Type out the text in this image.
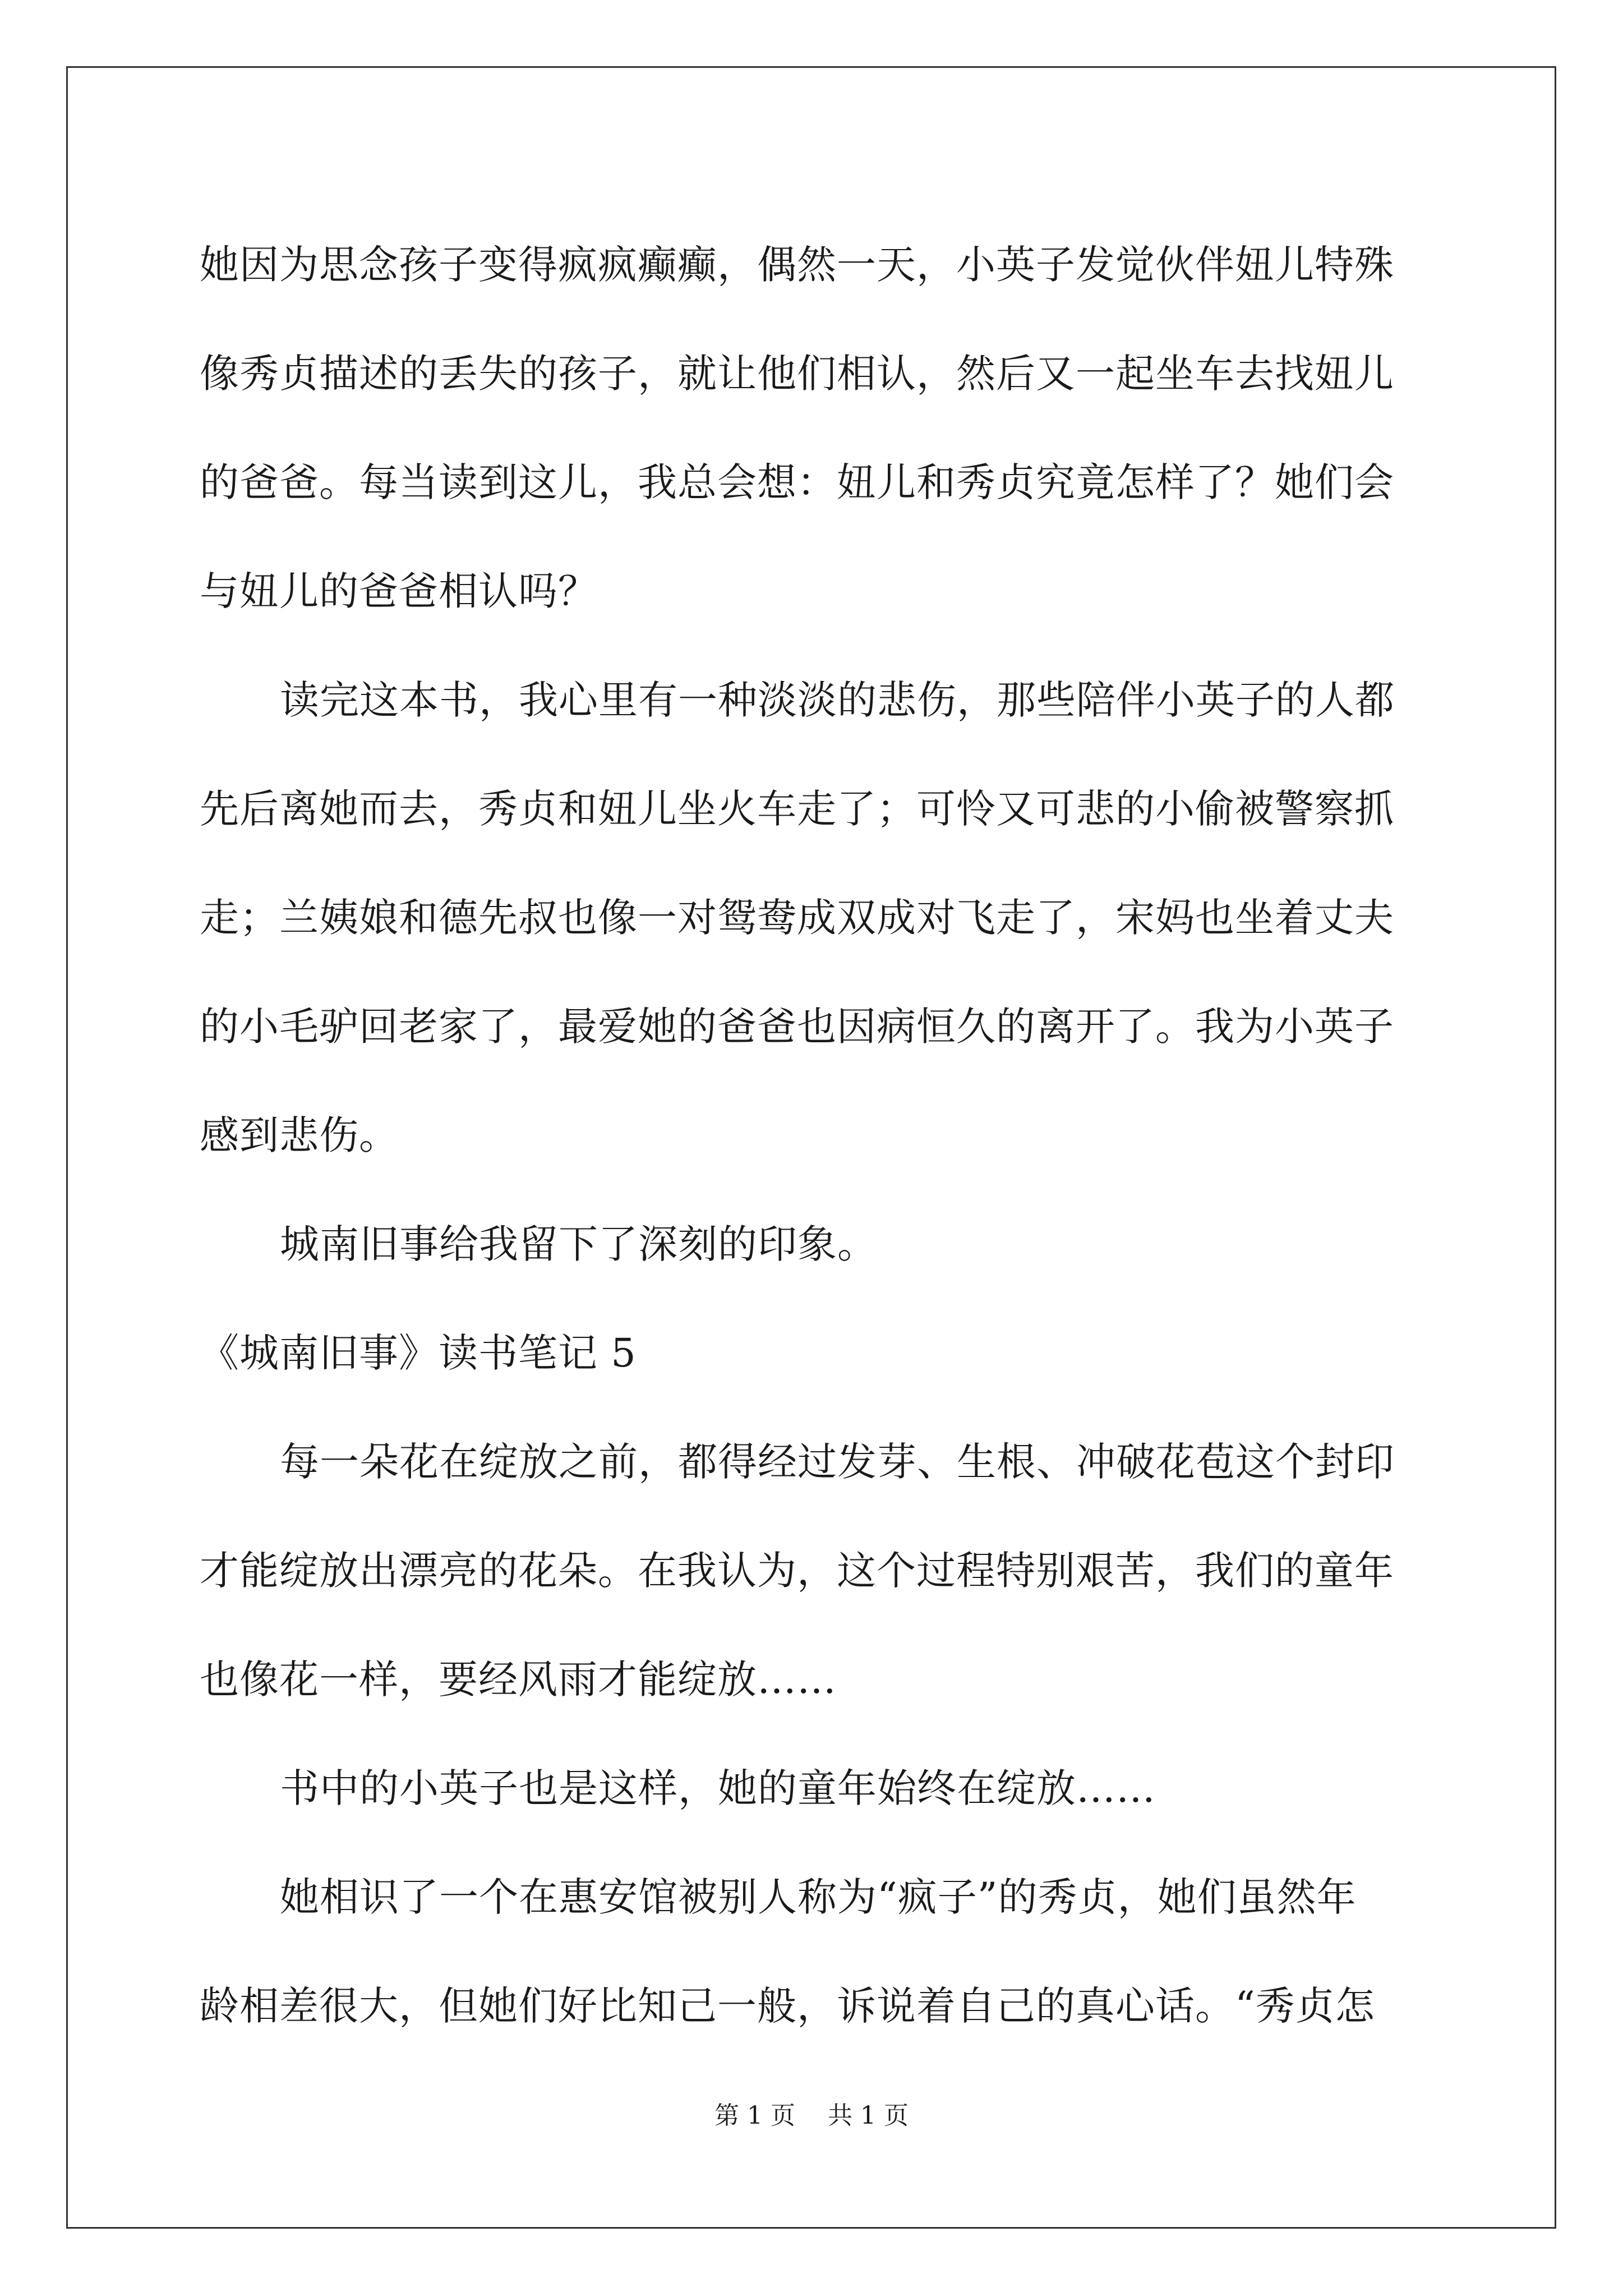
她因为思念孩子变得疯疯癫癫，偶然一天，小英子发觉伙伴妞儿特殊
像秀贞描述的丢失的孩子，就让他们相认，然后又一起坐车去找妞儿
的爸爸。每当读到这儿，我总会想：妞儿和秀贞究竟怎样了？她们会
与妞儿的爸爸相认吗？
读完这本书，我心里有一种淡淡的悲伤，那些陪伴小英子的人都
先后离她而去，秀贞和妞儿坐火车走了；可怜又可悲的小偷被警察抓
走；兰姨娘和德先叔也像一对鸳鸯成双成对飞走了，宋妈也坐着丈夫
的小毛驴回老家了，最爱她的爸爸也因病恒久的离开了。我为小英子
感到悲伤。
城南旧事给我留下了深刻的印象。
《城南旧事》读书笔记 5
每一朵花在绽放之前，都得经过发芽、生根、冲破花苞这个封印
才能绽放出漂亮的花朵。在我认为，这个过程特别艰苦，我们的童年
也像花一样，要经风雨才能绽放……
书中的小英子也是这样，她的童年始终在绽放……
她相识了一个在惠安馆被别人称为“疯子”的秀贞，她们虽然年
龄相差很大，但她们好比知己一般，诉说着自己的真心话。“秀贞怎
第 1 页 共 1 页
